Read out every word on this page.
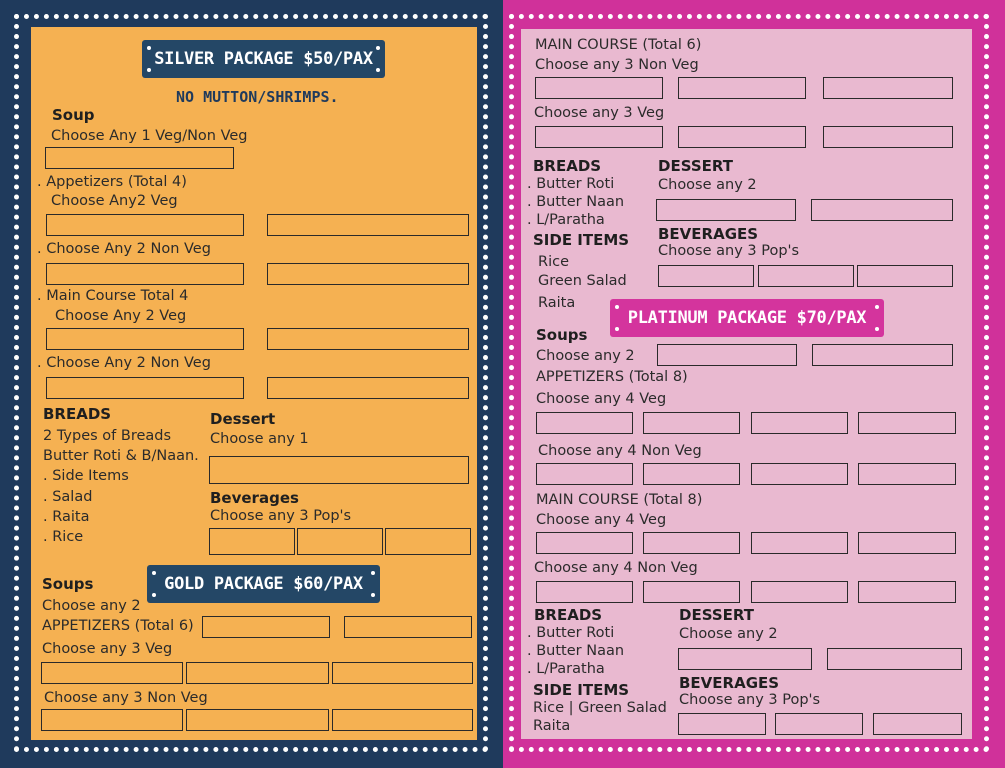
SILVER PACKAGE $50/PAX
NO MUTTON/SHRIMPS.
Soup
Choose Any 1 Veg/Non Veg
. Appetizers (Total 4)
Choose Any2 Veg
. Choose Any 2 Non Veg
. Main Course Total 4
Choose Any 2 Veg
. Choose Any 2 Non Veg
BREADS
2 Types of Breads
Butter Roti & B/Naan.
. Side Items
. Salad
. Raita
. Rice
Dessert
Choose any 1
Beverages
Choose any 3 Pop's
GOLD PACKAGE $60/PAX
Soups
Choose any 2
APPETIZERS (Total 6)
Choose any 3 Veg
Choose any 3 Non Veg
MAIN COURSE (Total 6)
Choose any 3 Non Veg
Choose any 3 Veg
BREADS
. Butter Roti
. Butter Naan
. L/Paratha
SIDE ITEMS
Rice
Green Salad
Raita
DESSERT
Choose any 2
BEVERAGES
Choose any 3 Pop's
PLATINUM PACKAGE $70/PAX
Soups
Choose any 2
APPETIZERS (Total 8)
Choose any 4 Veg
Choose any 4 Non Veg
MAIN COURSE (Total 8)
Choose any 4 Veg
Choose any 4 Non Veg
BREADS
. Butter Roti
. Butter Naan
. L/Paratha
SIDE ITEMS
Rice | Green Salad
Raita
DESSERT
Choose any 2
BEVERAGES
Choose any 3 Pop's
